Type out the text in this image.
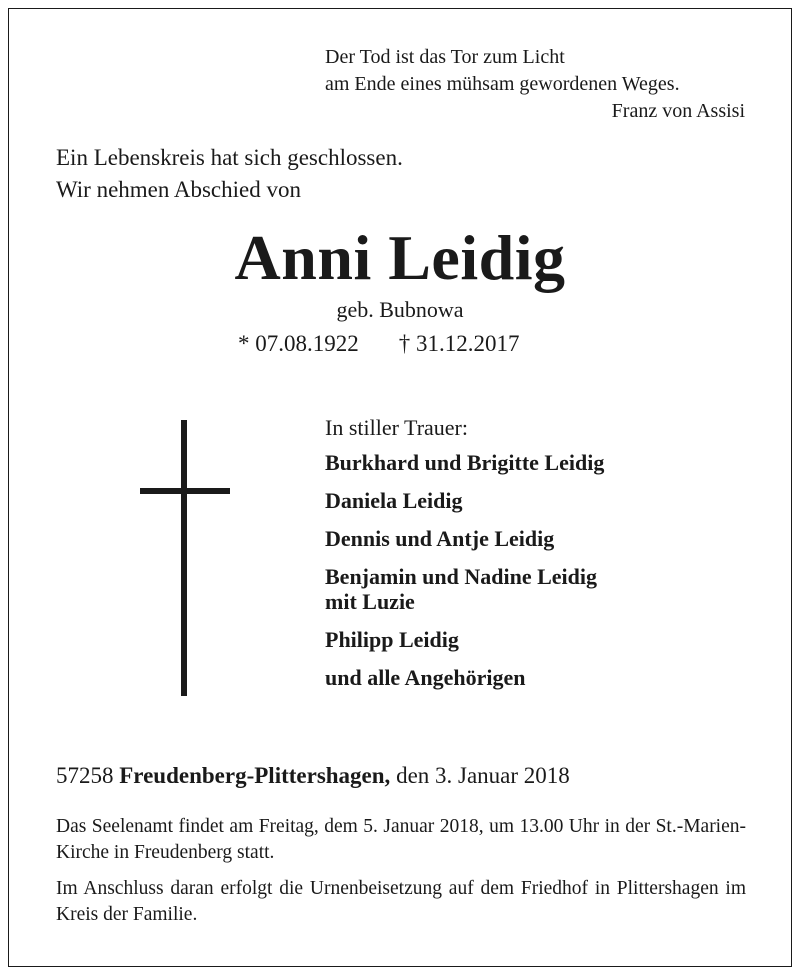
Der Tod ist das Tor zum Licht
am Ende eines mühsam gewordenen Weges.
Franz von Assisi
Ein Lebenskreis hat sich geschlossen.
Wir nehmen Abschied von
Anni Leidig
geb. Bubnowa
* 07.08.1922 † 31.12.2017
In stiller Trauer:
Burkhard und Brigitte Leidig
Daniela Leidig
Dennis und Antje Leidig
Benjamin und Nadine Leidig
mit Luzie
Philipp Leidig
und alle Angehörigen
57258 Freudenberg-Plittershagen, den 3. Januar 2018
Das Seelenamt findet am Freitag, dem 5. Januar 2018, um 13.00 Uhr in der St.-Marien-Kirche in Freudenberg statt.
Im Anschluss daran erfolgt die Urnenbeisetzung auf dem Friedhof in Plittershagen im Kreis der Familie.
